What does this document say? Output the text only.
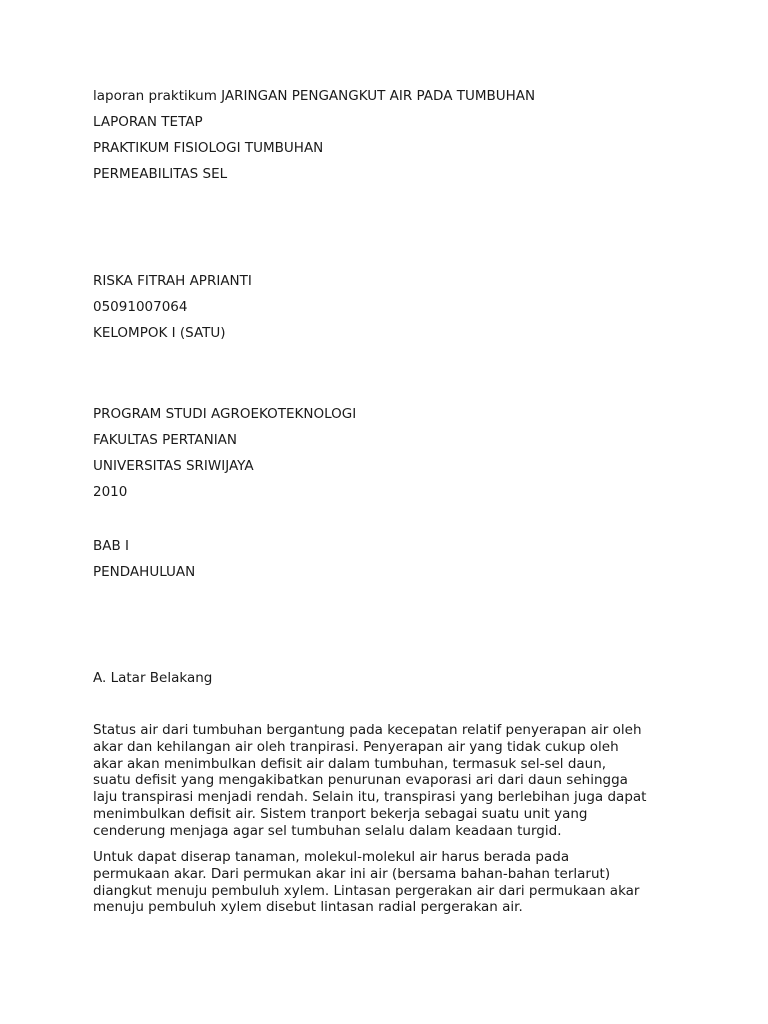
laporan praktikum JARINGAN PENGANGKUT AIR PADA TUMBUHAN
LAPORAN TETAP
PRAKTIKUM FISIOLOGI TUMBUHAN
PERMEABILITAS SEL
RISKA FITRAH APRIANTI
05091007064
KELOMPOK I (SATU)
PROGRAM STUDI AGROEKOTEKNOLOGI
FAKULTAS PERTANIAN
UNIVERSITAS SRIWIJAYA
2010
BAB I
PENDAHULUAN
A. Latar Belakang
Status air dari tumbuhan bergantung pada kecepatan relatif penyerapan air oleh
akar dan kehilangan air oleh tranpirasi. Penyerapan air yang tidak cukup oleh
akar akan menimbulkan defisit air dalam tumbuhan, termasuk sel-sel daun,
suatu defisit yang mengakibatkan penurunan evaporasi ari dari daun sehingga
laju transpirasi menjadi rendah. Selain itu, transpirasi yang berlebihan juga dapat
menimbulkan defisit air. Sistem tranport bekerja sebagai suatu unit yang
cenderung menjaga agar sel tumbuhan selalu dalam keadaan turgid.
Untuk dapat diserap tanaman, molekul-molekul air harus berada pada
permukaan akar. Dari permukan akar ini air (bersama bahan-bahan terlarut)
diangkut menuju pembuluh xylem. Lintasan pergerakan air dari permukaan akar
menuju pembuluh xylem disebut lintasan radial pergerakan air.
